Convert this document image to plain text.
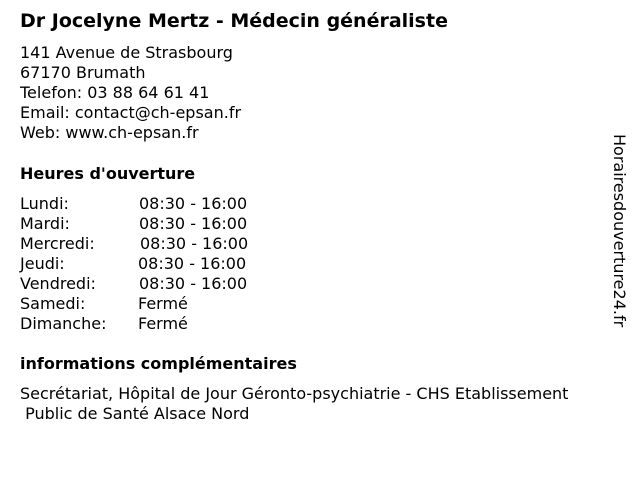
Dr Jocelyne Mertz - Médecin généraliste
141 Avenue de Strasbourg
67170 Brumath
Telefon: 03 88 64 61 41
Email: contact@ch-epsan.fr
Web: www.ch-epsan.fr
Heures d'ouverture
Lundi:	08:30 - 16:00
Mardi:	08:30 - 16:00
Mercredi:	08:30 - 16:00
Jeudi:	08:30 - 16:00
Vendredi:	08:30 - 16:00
Samedi:	Fermé
Dimanche: Fermé
informations complémentaires
Secrétariat, Hôpital de Jour Géronto-psychiatrie - CHS Etablissement
Public de Santé Alsace Nord
Horairesdouverture24.fr
